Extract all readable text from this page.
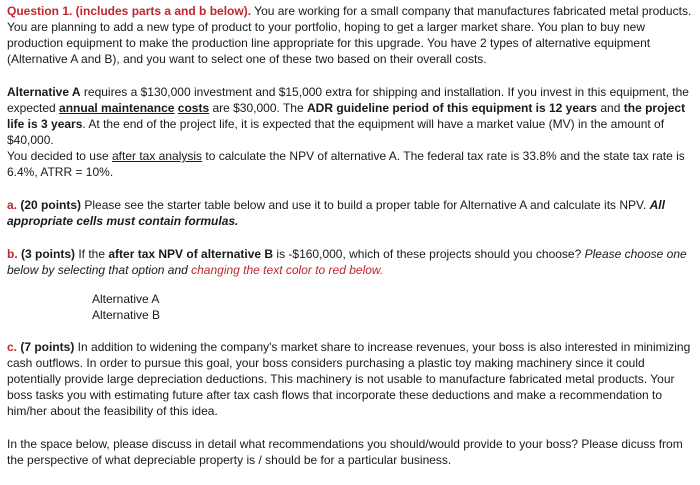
Question 1. (includes parts a and b below). You are working for a small company that manufactures fabricated metal products. You are planning to add a new type of product to your portfolio, hoping to get a larger market share. You plan to buy new production equipment to make the production line appropriate for this upgrade. You have 2 types of alternative equipment (Alternative A and B), and you want to select one of these two based on their overall costs.

Alternative A requires a $130,000 investment and $15,000 extra for shipping and installation. If you invest in this equipment, the expected annual maintenance costs are $30,000. The ADR guideline period of this equipment is 12 years and the project life is 3 years. At the end of the project life, it is expected that the equipment will have a market value (MV) in the amount of $40,000.

You decided to use after tax analysis to calculate the NPV of alternative A. The federal tax rate is 33.8% and the state tax rate is 6.4%, ATRR = 10%.

a. (20 points) Please see the starter table below and use it to build a proper table for Alternative A and calculate its NPV. All appropriate cells must contain formulas.

b. (3 points) If the after tax NPV of alternative B is -$160,000, which of these projects should you choose? Please choose one below by selecting that option and changing the text color to red below.

Alternative A

Alternative B

c. (7 points) In addition to widening the company's market share to increase revenues, your boss is also interested in minimizing cash outflows. In order to pursue this goal, your boss considers purchasing a plastic toy making machinery since it could potentially provide large depreciation deductions. This machinery is not usable to manufacture fabricated metal products. Your boss tasks you with estimating future after tax cash flows that incorporate these deductions and make a recommendation to him/her about the feasibility of this idea.

In the space below, please discuss in detail what recommendations you should/would provide to your boss? Please dicuss from the perspective of what depreciable property is / should be for a particular business.
